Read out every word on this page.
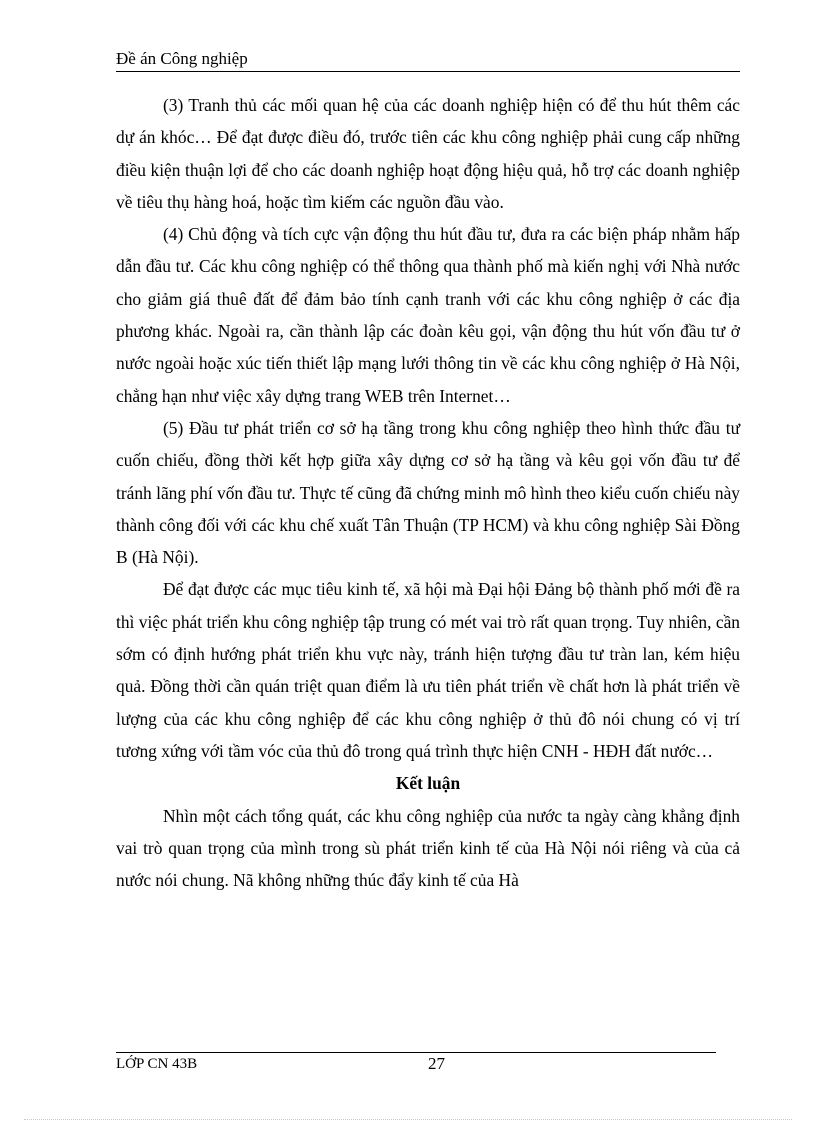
Đề án Công nghiệp

(3) Tranh thủ các mối quan hệ của các doanh nghiệp hiện có để thu hút thêm các dự án khóc… Để đạt được điều đó, trước tiên các khu công nghiệp phải cung cấp những điều kiện thuận lợi để cho các doanh nghiệp hoạt động hiệu quả, hỗ trợ các doanh nghiệp về tiêu thụ hàng hoá, hoặc tìm kiếm các nguồn đầu vào.

(4) Chủ động và tích cực vận động thu hút đầu tư, đưa ra các biện pháp nhằm hấp dẫn đầu tư. Các khu công nghiệp có thể thông qua thành phố mà kiến nghị với Nhà nước cho giảm giá thuê đất để đảm bảo tính cạnh tranh với các khu công nghiệp ở các địa phương khác. Ngoài ra, cần thành lập các đoàn kêu gọi, vận động thu hút vốn đầu tư ở nước ngoài hoặc xúc tiến thiết lập mạng lưới thông tin về các khu công nghiệp ở Hà Nội, chẳng hạn như việc xây dựng trang WEB trên Internet…

(5) Đầu tư phát triển cơ sở hạ tầng trong khu công nghiệp theo hình thức đầu tư cuốn chiếu, đồng thời kết hợp giữa xây dựng cơ sở hạ tầng và kêu gọi vốn đầu tư để tránh lãng phí vốn đầu tư. Thực tế cũng đã chứng minh mô hình theo kiểu cuốn chiếu này thành công đối với các khu chế xuất Tân Thuận (TP HCM) và khu công nghiệp Sài Đồng B (Hà Nội).

Để đạt được các mục tiêu kinh tế, xã hội mà Đại hội Đảng bộ thành phố mới đề ra thì việc phát triển khu công nghiệp tập trung có mét vai trò rất quan trọng. Tuy nhiên, cần sớm có định hướng phát triển khu vực này, tránh hiện tượng đầu tư tràn lan, kém hiệu quả. Đồng thời cần quán triệt quan điểm là ưu tiên phát triển về chất hơn là phát triển về lượng của các khu công nghiệp để các khu công nghiệp ở thủ đô nói chung có vị trí tương xứng với tầm vóc của thủ đô trong quá trình thực hiện CNH - HĐH đất nước…

Kết luận

Nhìn một cách tổng quát, các khu công nghiệp của nước ta ngày càng khẳng định vai trò quan trọng của mình trong sù phát triển kinh tế của Hà Nội nói riêng và của cả nước nói chung. Nã không những thúc đẩy kinh tế của Hà

LỚP CN 43B	27
